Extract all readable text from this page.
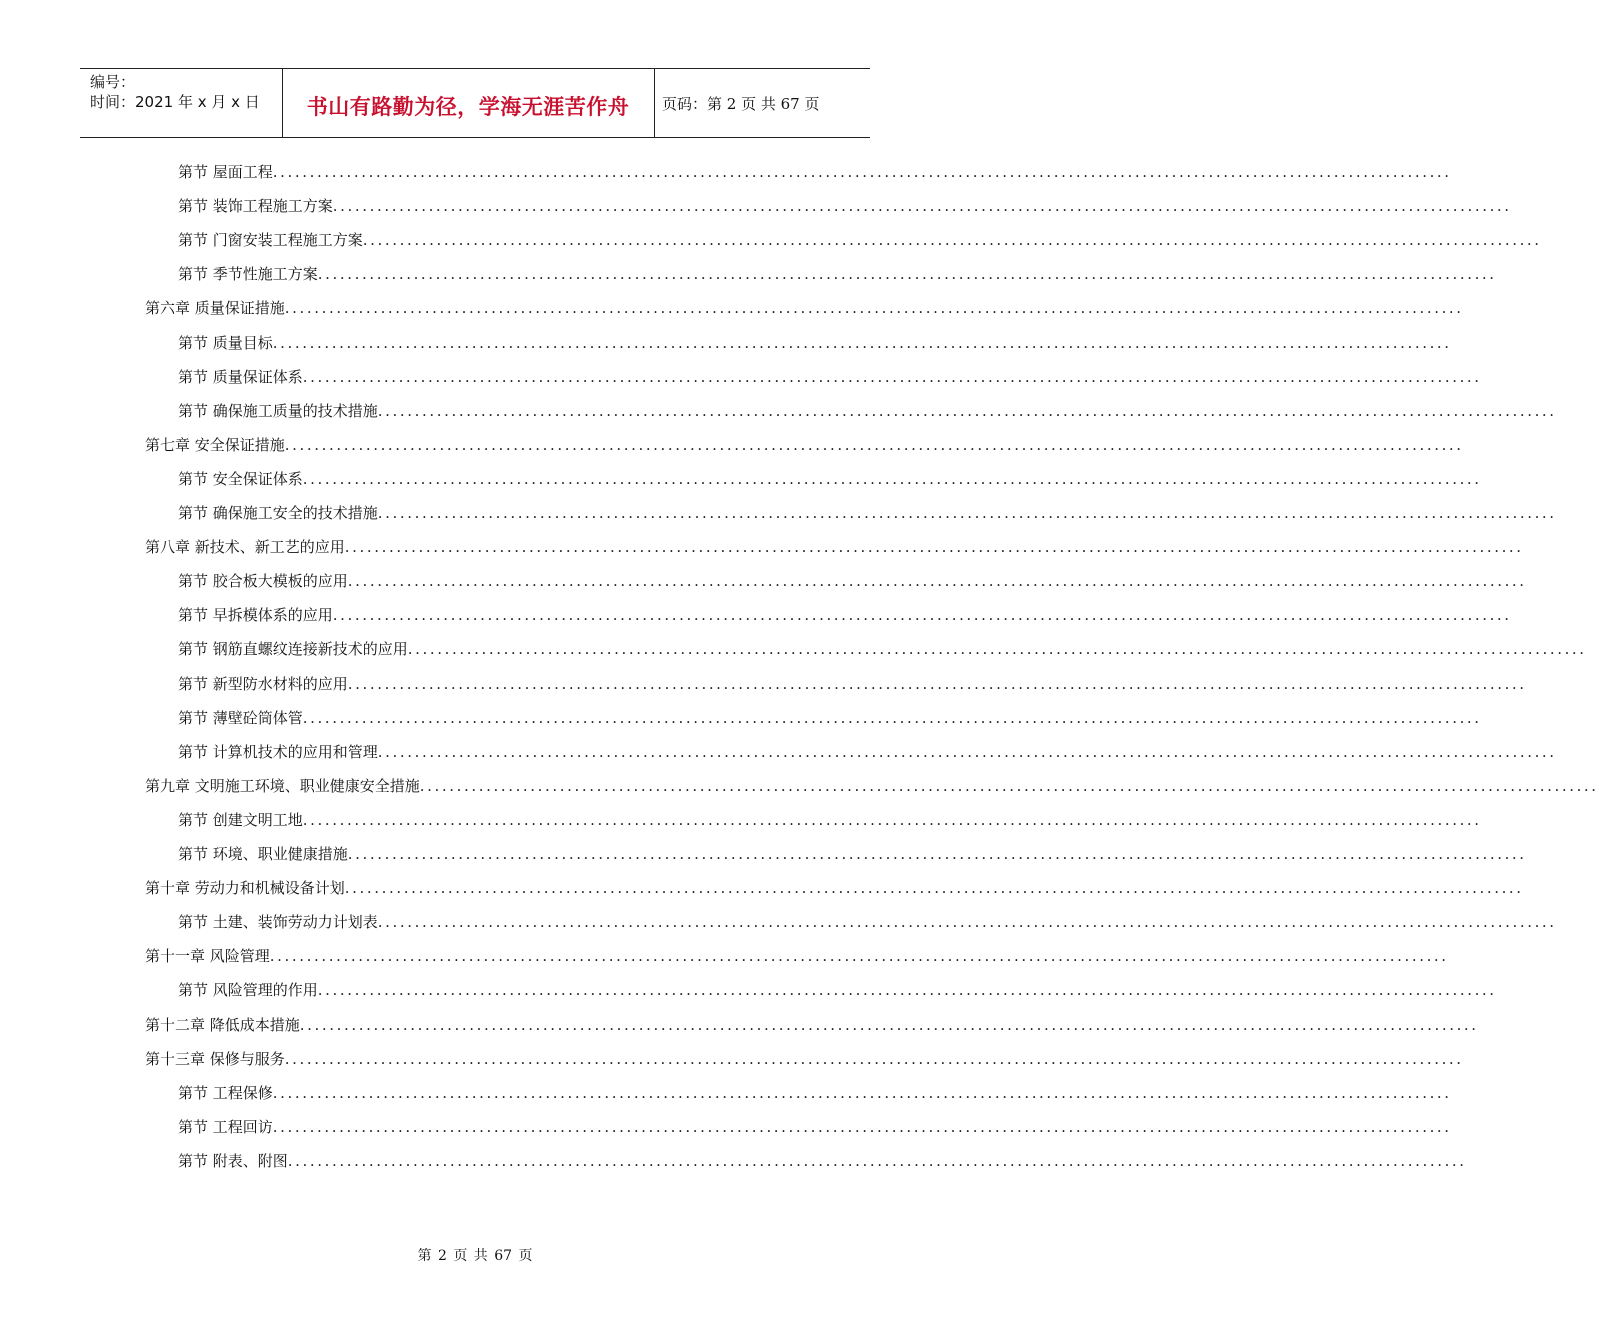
编号：
时间：2021 年 x 月 x 日	书山有路勤为径，学海无涯苦作舟	页码：第 2 页 共 67 页
第节 屋面工程................................................................................................................................................................
第节 装饰工程施工方案................................................................................................................................................................
第节 门窗安装工程施工方案................................................................................................................................................................
第节 季节性施工方案................................................................................................................................................................
第六章 质量保证措施................................................................................................................................................................
第节 质量目标................................................................................................................................................................
第节 质量保证体系................................................................................................................................................................
第节 确保施工质量的技术措施................................................................................................................................................................
第七章 安全保证措施................................................................................................................................................................
第节 安全保证体系................................................................................................................................................................
第节 确保施工安全的技术措施................................................................................................................................................................
第八章 新技术、新工艺的应用................................................................................................................................................................
第节 胶合板大模板的应用................................................................................................................................................................
第节 早拆模体系的应用................................................................................................................................................................
第节 钢筋直螺纹连接新技术的应用................................................................................................................................................................
第节 新型防水材料的应用................................................................................................................................................................
第节 薄壁砼筒体管................................................................................................................................................................
第节 计算机技术的应用和管理................................................................................................................................................................
第九章 文明施工环境、职业健康安全措施................................................................................................................................................................
第节 创建文明工地................................................................................................................................................................
第节 环境、职业健康措施................................................................................................................................................................
第十章 劳动力和机械设备计划................................................................................................................................................................
第节 土建、装饰劳动力计划表................................................................................................................................................................
第十一章 风险管理................................................................................................................................................................
第节 风险管理的作用................................................................................................................................................................
第十二章 降低成本措施................................................................................................................................................................
第十三章 保修与服务................................................................................................................................................................
第节 工程保修................................................................................................................................................................
第节 工程回访................................................................................................................................................................
第节 附表、附图................................................................................................................................................................
第 2 页 共 67 页
